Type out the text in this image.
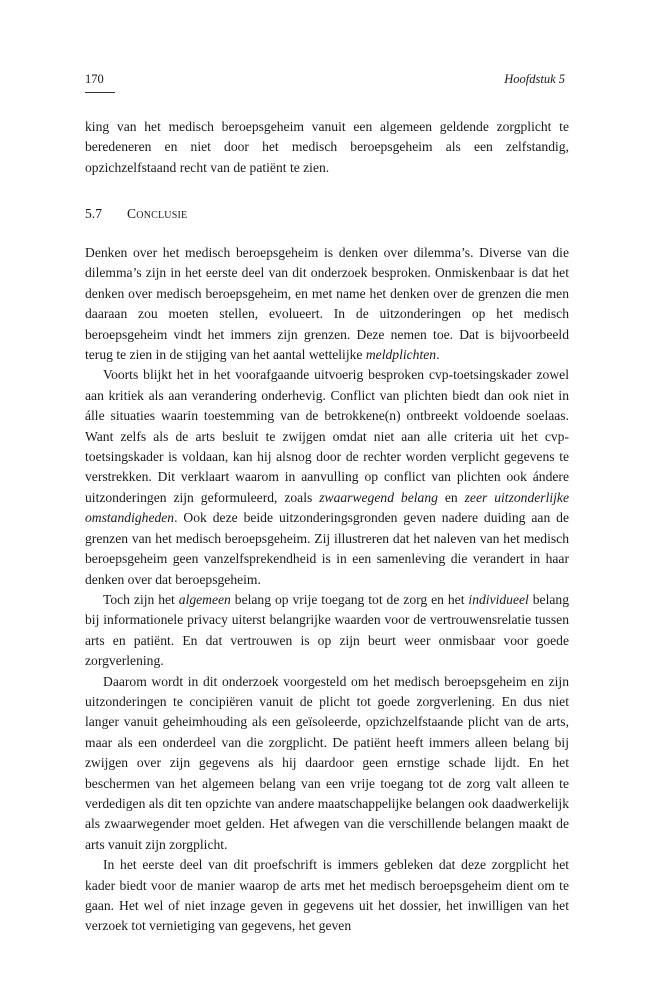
170	Hoofdstuk 5

king van het medisch beroepsgeheim vanuit een algemeen geldende zorgplicht te beredeneren en niet door het medisch beroepsgeheim als een zelfstandig, opzichzelfstaand recht van de patiënt te zien.

5.7 Conclusie

Denken over het medisch beroepsgeheim is denken over dilemma’s. Diverse van die dilemma’s zijn in het eerste deel van dit onderzoek besproken. Onmiskenbaar is dat het denken over medisch beroepsgeheim, en met name het denken over de grenzen die men daaraan zou moeten stellen, evolueert. In de uitzonderingen op het medisch beroepsgeheim vindt het immers zijn grenzen. Deze nemen toe. Dat is bijvoorbeeld terug te zien in de stijging van het aantal wettelijke meldplichten.

Voorts blijkt het in het voorafgaande uitvoerig besproken cvp-toetsingskader zowel aan kritiek als aan verandering onderhevig. Conflict van plichten biedt dan ook niet in álle situaties waarin toestemming van de betrokkene(n) ontbreekt voldoende soelaas. Want zelfs als de arts besluit te zwijgen omdat niet aan alle criteria uit het cvp-toetsingskader is voldaan, kan hij alsnog door de rechter worden verplicht gegevens te verstrekken. Dit verklaart waarom in aanvulling op conflict van plichten ook ándere uitzonderingen zijn geformuleerd, zoals zwaarwegend belang en zeer uitzonderlijke omstandigheden. Ook deze beide uitzonderingsgronden geven nadere duiding aan de grenzen van het medisch beroepsgeheim. Zij illustreren dat het naleven van het medisch beroepsgeheim geen vanzelfsprekendheid is in een samenleving die verandert in haar denken over dat beroepsgeheim.

Toch zijn het algemeen belang op vrije toegang tot de zorg en het individueel belang bij informationele privacy uiterst belangrijke waarden voor de vertrouwensrelatie tussen arts en patiënt. En dat vertrouwen is op zijn beurt weer onmisbaar voor goede zorgverlening.

Daarom wordt in dit onderzoek voorgesteld om het medisch beroepsgeheim en zijn uitzonderingen te concipiëren vanuit de plicht tot goede zorgverlening. En dus niet langer vanuit geheimhouding als een geïsoleerde, opzichzelfstaande plicht van de arts, maar als een onderdeel van die zorgplicht. De patiënt heeft immers alleen belang bij zwijgen over zijn gegevens als hij daardoor geen ernstige schade lijdt. En het beschermen van het algemeen belang van een vrije toegang tot de zorg valt alleen te verdedigen als dit ten opzichte van andere maatschappelijke belangen ook daadwerkelijk als zwaarwegender moet gelden. Het afwegen van die verschillende belangen maakt de arts vanuit zijn zorgplicht.

In het eerste deel van dit proefschrift is immers gebleken dat deze zorgplicht het kader biedt voor de manier waarop de arts met het medisch beroepsgeheim dient om te gaan. Het wel of niet inzage geven in gegevens uit het dossier, het inwilligen van het verzoek tot vernietiging van gegevens, het geven
